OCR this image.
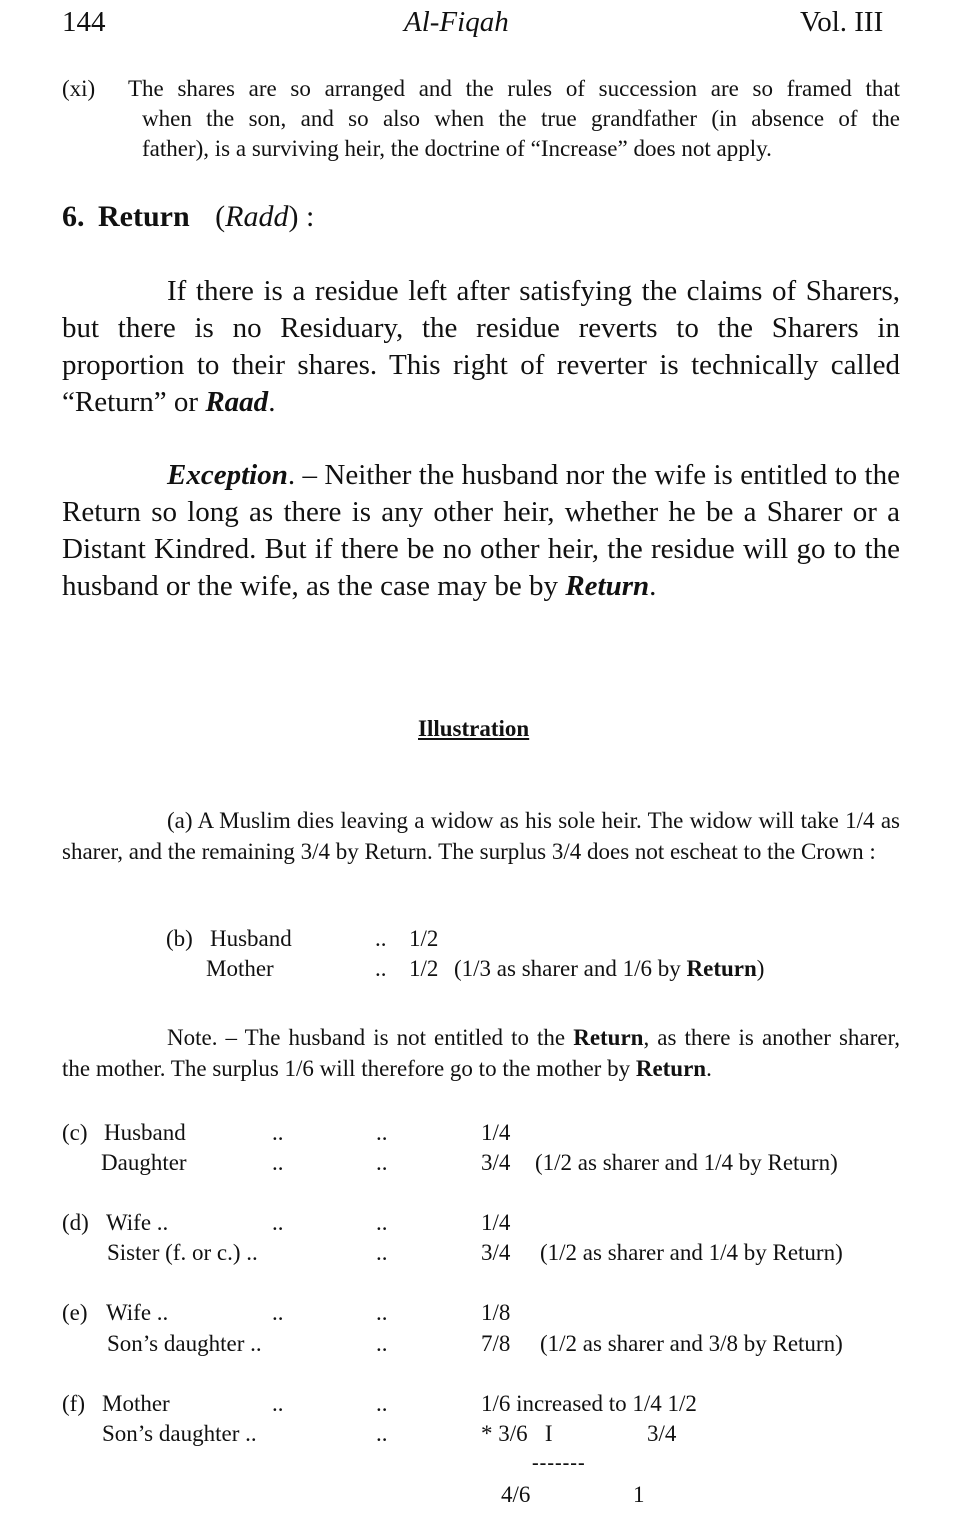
144	Al-Fiqah	Vol. III
(xi) The shares are so arranged and the rules of succession are so framed that
when the son, and so also when the true grandfather (in absence of the
father), is a surviving heir, the doctrine of “Increase” does not apply.
6. Return (Radd) :
If there is a residue left after satisfying the claims of Sharers, but there is no Residuary, the residue reverts to the Sharers in proportion to their shares. This right of reverter is technically called “Return” or Raad.
Exception. – Neither the husband nor the wife is entitled to the Return so long as there is any other heir, whether he be a Sharer or a Distant Kindred. But if there be no other heir, the residue will go to the husband or the wife, as the case may be by Return.
Illustration
(a) A Muslim dies leaving a widow as his sole heir. The widow will take 1/4 as sharer, and the remaining 3/4 by Return. The surplus 3/4 does not escheat to the Crown :
(b) Husband	.. 1/2
Mother	.. 1/2 (1/3 as sharer and 1/6 by Return)
Note. – The husband is not entitled to the Return, as there is another sharer, the mother. The surplus 1/6 will therefore go to the mother by Return.
(c) Husband	..	..	1/4
Daughter	..	..	3/4 (1/2 as sharer and 1/4 by Return)
(d) Wife ..	..	..	1/4
Sister (f. or c.) ..	..	3/4 (1/2 as sharer and 1/4 by Return)
(e) Wife ..	..	..	1/8
Son’s daughter ..	..	7/8 (1/2 as sharer and 3/8 by Return)
(f) Mother	..	..	1/6 increased to 1/4 1/2
Son’s daughter ..	..	* 3/6   I	3/4
-------
4/6	1
